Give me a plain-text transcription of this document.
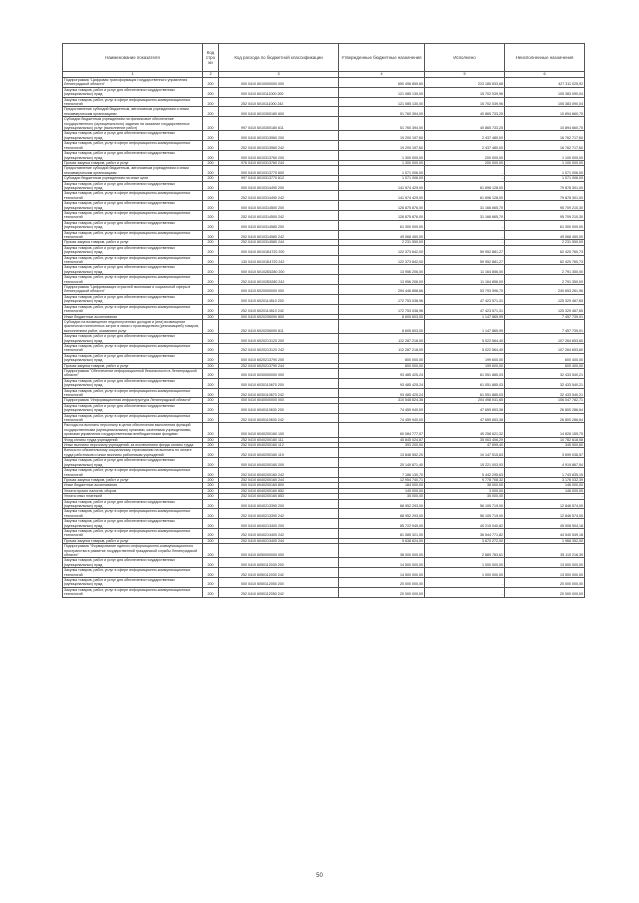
Наименование показателя	Код стро ки	Код расхода по бюджетной классификации	Утвержденные бюджетные назначения	Исполнено	Неисполненные назначения
1	2	3	4	5	6
Подпрограмма "Цифровая трансформация государственного управления Ленинградской области"	200	000 0410 6010000000 000	650 496 859,60	223 185 833,68	427 311 025,92
Закупка товаров, работ и услуг для обеспечения государственных (муниципальных) нужд	200	000 0410 6010111000 200	121 085 130,00	15 702 039,96	105 383 090,04
Закупка товаров, работ, услуг в сфере информационно-коммуникационных технологий	200	252 0410 6010111000 242	121 085 130,00	15 702 039,96	105 383 090,04
Предоставление субсидий бюджетным, автономным учреждениям и иным некоммерческим организациям	200	000 0410 6010300180 600	51 760 394,00	40 865 733,25	10 894 660,75
Субсидии бюджетным учреждениям на финансовое обеспечение государственного (муниципального) задания на оказание государственных (муниципальных) услуг (выполнение работ)	200	997 0410 6010300180 611	51 760 394,00	40 865 733,25	10 894 660,75
Закупка товаров, работ и услуг для обеспечения государственных (муниципальных) нужд	200	000 0410 6010313960 200	19 200 197,60	2 437 480,00	16 762 717,60
Закупка товаров, работ, услуг в сфере информационно-коммуникационных технологий	200	252 0410 6010313960 242	19 200 197,60	2 437 480,00	16 762 717,60
Закупка товаров, работ и услуг для обеспечения государственных (муниципальных) нужд	200	000 0410 6010313760 200	1 300 000,00	200 000,00	1 100 000,00
Прочая закупка товаров, работ и услуг	200	976 0410 6010313760 244	1 300 000,00	200 000,00	1 100 000,00
Предоставление субсидий бюджетным, автономным учреждениям и иным некоммерческим организациям	200	000 0410 6010313770 600	1 071 006,00	-	1 071 006,00
Субсидии бюджетным учреждениям на иные цели	200	997 0410 6010313770 612	1 071 006,00	-	1 071 006,00
Закупка товаров, работ и услуг для обеспечения государственных (муниципальных) нужд	200	000 0410 6010314490 200	141 574 429,00	61 696 128,00	79 878 301,00
Закупка товаров, работ, услуг в сфере информационно-коммуникационных технологий	200	252 0410 6010314490 242	141 574 429,00	61 696 128,00	79 878 301,00
Закупка товаров, работ и услуг для обеспечения государственных (муниципальных) нужд	200	000 0410 6010314500 200	126 875 876,00	31 166 665,70	95 709 210,30
Закупка товаров, работ, услуг в сфере информационно-коммуникационных технологий	200	252 0410 6010314500 242	126 875 876,00	31 166 665,70	95 709 210,30
Закупка товаров, работ и услуг для обеспечения государственных (муниципальных) нужд	200	000 0410 6010314580 200	61 300 000,00	-	61 300 000,00
Закупка товаров, работ, услуг в сфере информационно-коммуникационных технологий	200	252 0410 6010314580 242	49 068 450,00	-	49 068 450,00
Прочая закупка товаров, работ и услуг	200	252 0410 6010314580 244	2 231 550,00	-	2 231 550,00
Закупка товаров, работ и услуг для обеспечения государственных (муниципальных) нужд	200	000 0410 60101Б4720 200	122 373 642,00	59 952 881,27	62 420 760,73
Закупка товаров, работ, услуг в сфере информационно-коммуникационных технологий	200	130 0410 60101Б4720 242	122 373 642,00	59 952 881,27	62 420 760,73
Закупка товаров, работ и услуг для обеспечения государственных (муниципальных) нужд	200	000 0410 60102Б5280 200	13 956 206,00	11 164 856,00	2 791 350,00
Закупка товаров, работ, услуг в сфере информационно-коммуникационных технологий	200	252 0410 60102Б5280 242	13 956 206,00	11 164 856,00	2 791 350,00
Подпрограмма "Цифровизация отраслей экономики и социальной сферы в Ленинградской области"	200	000 0410 6020000000 000	294 446 858,66	53 793 596,70	240 653 261,96
Закупка товаров, работ и услуг для обеспечения государственных (муниципальных) нужд	200	000 0410 6020114510 200	172 753 038,96	47 423 571,31	125 329 467,65
Закупка товаров, работ, услуг в сфере информационно-коммуникационных технологий	200	252 0410 6020114510 242	172 753 038,96	47 423 571,31	125 329 467,65
Иные бюджетные ассигнования	200	000 0410 6020206090 800	8 605 603,00	1 147 865,99	7 457 739,01
Субсидии на возмещение недополученных доходов и (или) возмещение фактически понесенных затрат в связи с производством (реализацией) товаров, выполнением работ, оказанием услуг	200	252 0410 6020206090 811	8 605 603,00	1 147 865,99	7 457 739,01
Закупка товаров, работ и услуг для обеспечения государственных (муниципальных) нужд	200	000 0410 6020213120 200	112 287 218,00	5 022 564,40	107 264 653,60
Закупка товаров, работ, услуг в сфере информационно-коммуникационных технологий	200	252 0410 6020213120 242	112 287 218,00	5 022 564,40	107 264 653,60
Закупка товаров, работ и услуг для обеспечения государственных (муниципальных) нужд	200	000 0410 6020213790 200	800 000,00	199 600,00	600 400,00
Прочая закупка товаров, работ и услуг	200	252 0410 6020213790 244	800 000,00	199 600,00	600 400,00
Подпрограмма "Обеспечение информационной безопасности в Ленинградской области"	200	000 0410 6030000000 000	93 485 425,24	61 051 885,03	32 433 540,21
Закупка товаров, работ и услуг для обеспечения государственных (муниципальных) нужд	200	000 0410 6030110670 200	93 485 425,24	61 051 885,03	32 433 540,21
Закупка товаров, работ, услуг в сфере информационно-коммуникационных технологий	200	252 0410 6030110670 242	93 485 425,24	61 051 885,03	32 433 540,21
Подпрограмма "Информационная инфраструктура Ленинградской области"	200	000 0410 6040000000 000	310 548 824,36	204 498 041,65	106 047 782,71
Закупка товаров, работ и услуг для обеспечения государственных (муниципальных) нужд	200	000 0410 6040110630 200	74 459 940,00	47 659 653,36	26 800 286,64
Закупка товаров, работ, услуг в сфере информационно-коммуникационных технологий	200	252 0410 6040110630 242	74 459 940,00	47 659 653,36	26 800 286,64
Расходы на выплаты персоналу в целях обеспечения выполнения функций государственными (муниципальными) органами, казенными учреждениями, органами управления государственными внебюджетными фондами	200	000 0410 6040200160 100	60 084 777,07	45 258 621,32	14 826 155,75
Фонд оплаты труда учреждений	200	252 0410 6040200160 111	45 845 024,87	35 063 406,29	10 782 618,58
Иные выплаты персоналу учреждений, за исключением фонда оплаты труда	200	252 0410 6040200160 112	393 200,00	47 699,40	345 500,60
Взносы по обязательному социальному страхованию на выплаты по оплате труда работников и иные выплаты работникам учреждений	200	252 0410 6040200160 119	13 846 552,20	10 147 515,63	3 699 036,57
Закупка товаров, работ и услуг для обеспечения государственных (муниципальных) нужд	200	000 0410 6040200160 200	20 140 871,40	15 221 003,93	4 919 867,54
Закупка товаров, работ, услуг в сфере информационно-коммуникационных технологий	200	252 0410 6040200160 242	7 186 130,70	5 442 295,63	1 743 835,15
Прочая закупка товаров, работ и услуг	200	252 0410 6040200160 244	12 954 740,71	9 778 708,32	3 176 032,39
Иные бюджетные ассигнования	200	000 0410 6040200160 800	184 000,00	38 000,00	146 000,00
Уплата прочих налогов, сборов	200	252 0410 6040200160 852	149 000,00	3 000,00	146 000,00
Уплата иных платежей	200	252 0410 6040200160 853	35 000,00	35 000,00	-
Закупка товаров, работ и услуг для обеспечения государственных (муниципальных) нужд	200	000 0410 6040213390 200	68 952 293,00	56 105 719,00	12 846 574,00
Закупка товаров, работ, услуг в сфере информационно-коммуникационных технологий	200	252 0410 6040213390 242	68 952 293,00	56 105 719,00	12 846 574,00
Закупка товаров, работ и услуг для обеспечения государственных (муниципальных) нужд	200	000 0410 6040213400 200	85 722 945,00	40 215 040,82	45 508 904,18
Закупка товаров, работ, услуг в сфере информационно-коммуникационных технологий	200	252 0410 6040213400 242	81 085 321,00	36 544 771,82	44 540 549,18
Прочая закупка товаров, работ и услуг	200	252 0410 6040213400 244	5 638 624,00	3 670 272,00	1 968 352,00
Подпрограмма "Формирование единого информационно-коммуникационного пространства в развитие государственной гражданской службы Ленинградской области"	200	000 0410 6050000000 000	38 000 000,00	2 889 783,61	35 110 216,39
Закупка товаров, работ и услуг для обеспечения государственных (муниципальных) нужд	200	000 0410 6050112030 200	14 500 000,00	1 000 000,00	13 500 000,00
Закупка товаров, работ, услуг в сфере информационно-коммуникационных технологий	200	252 0410 6050112030 242	14 500 000,00	1 000 000,00	13 500 000,00
Закупка товаров, работ и услуг для обеспечения государственных (муниципальных) нужд	200	000 0410 6050112050 200	20 000 000,00	-	20 000 000,00
Закупка товаров, работ, услуг в сфере информационно-коммуникационных технологий	200	252 0410 6050112050 242	20 000 000,00	-	20 000 000,00
50
